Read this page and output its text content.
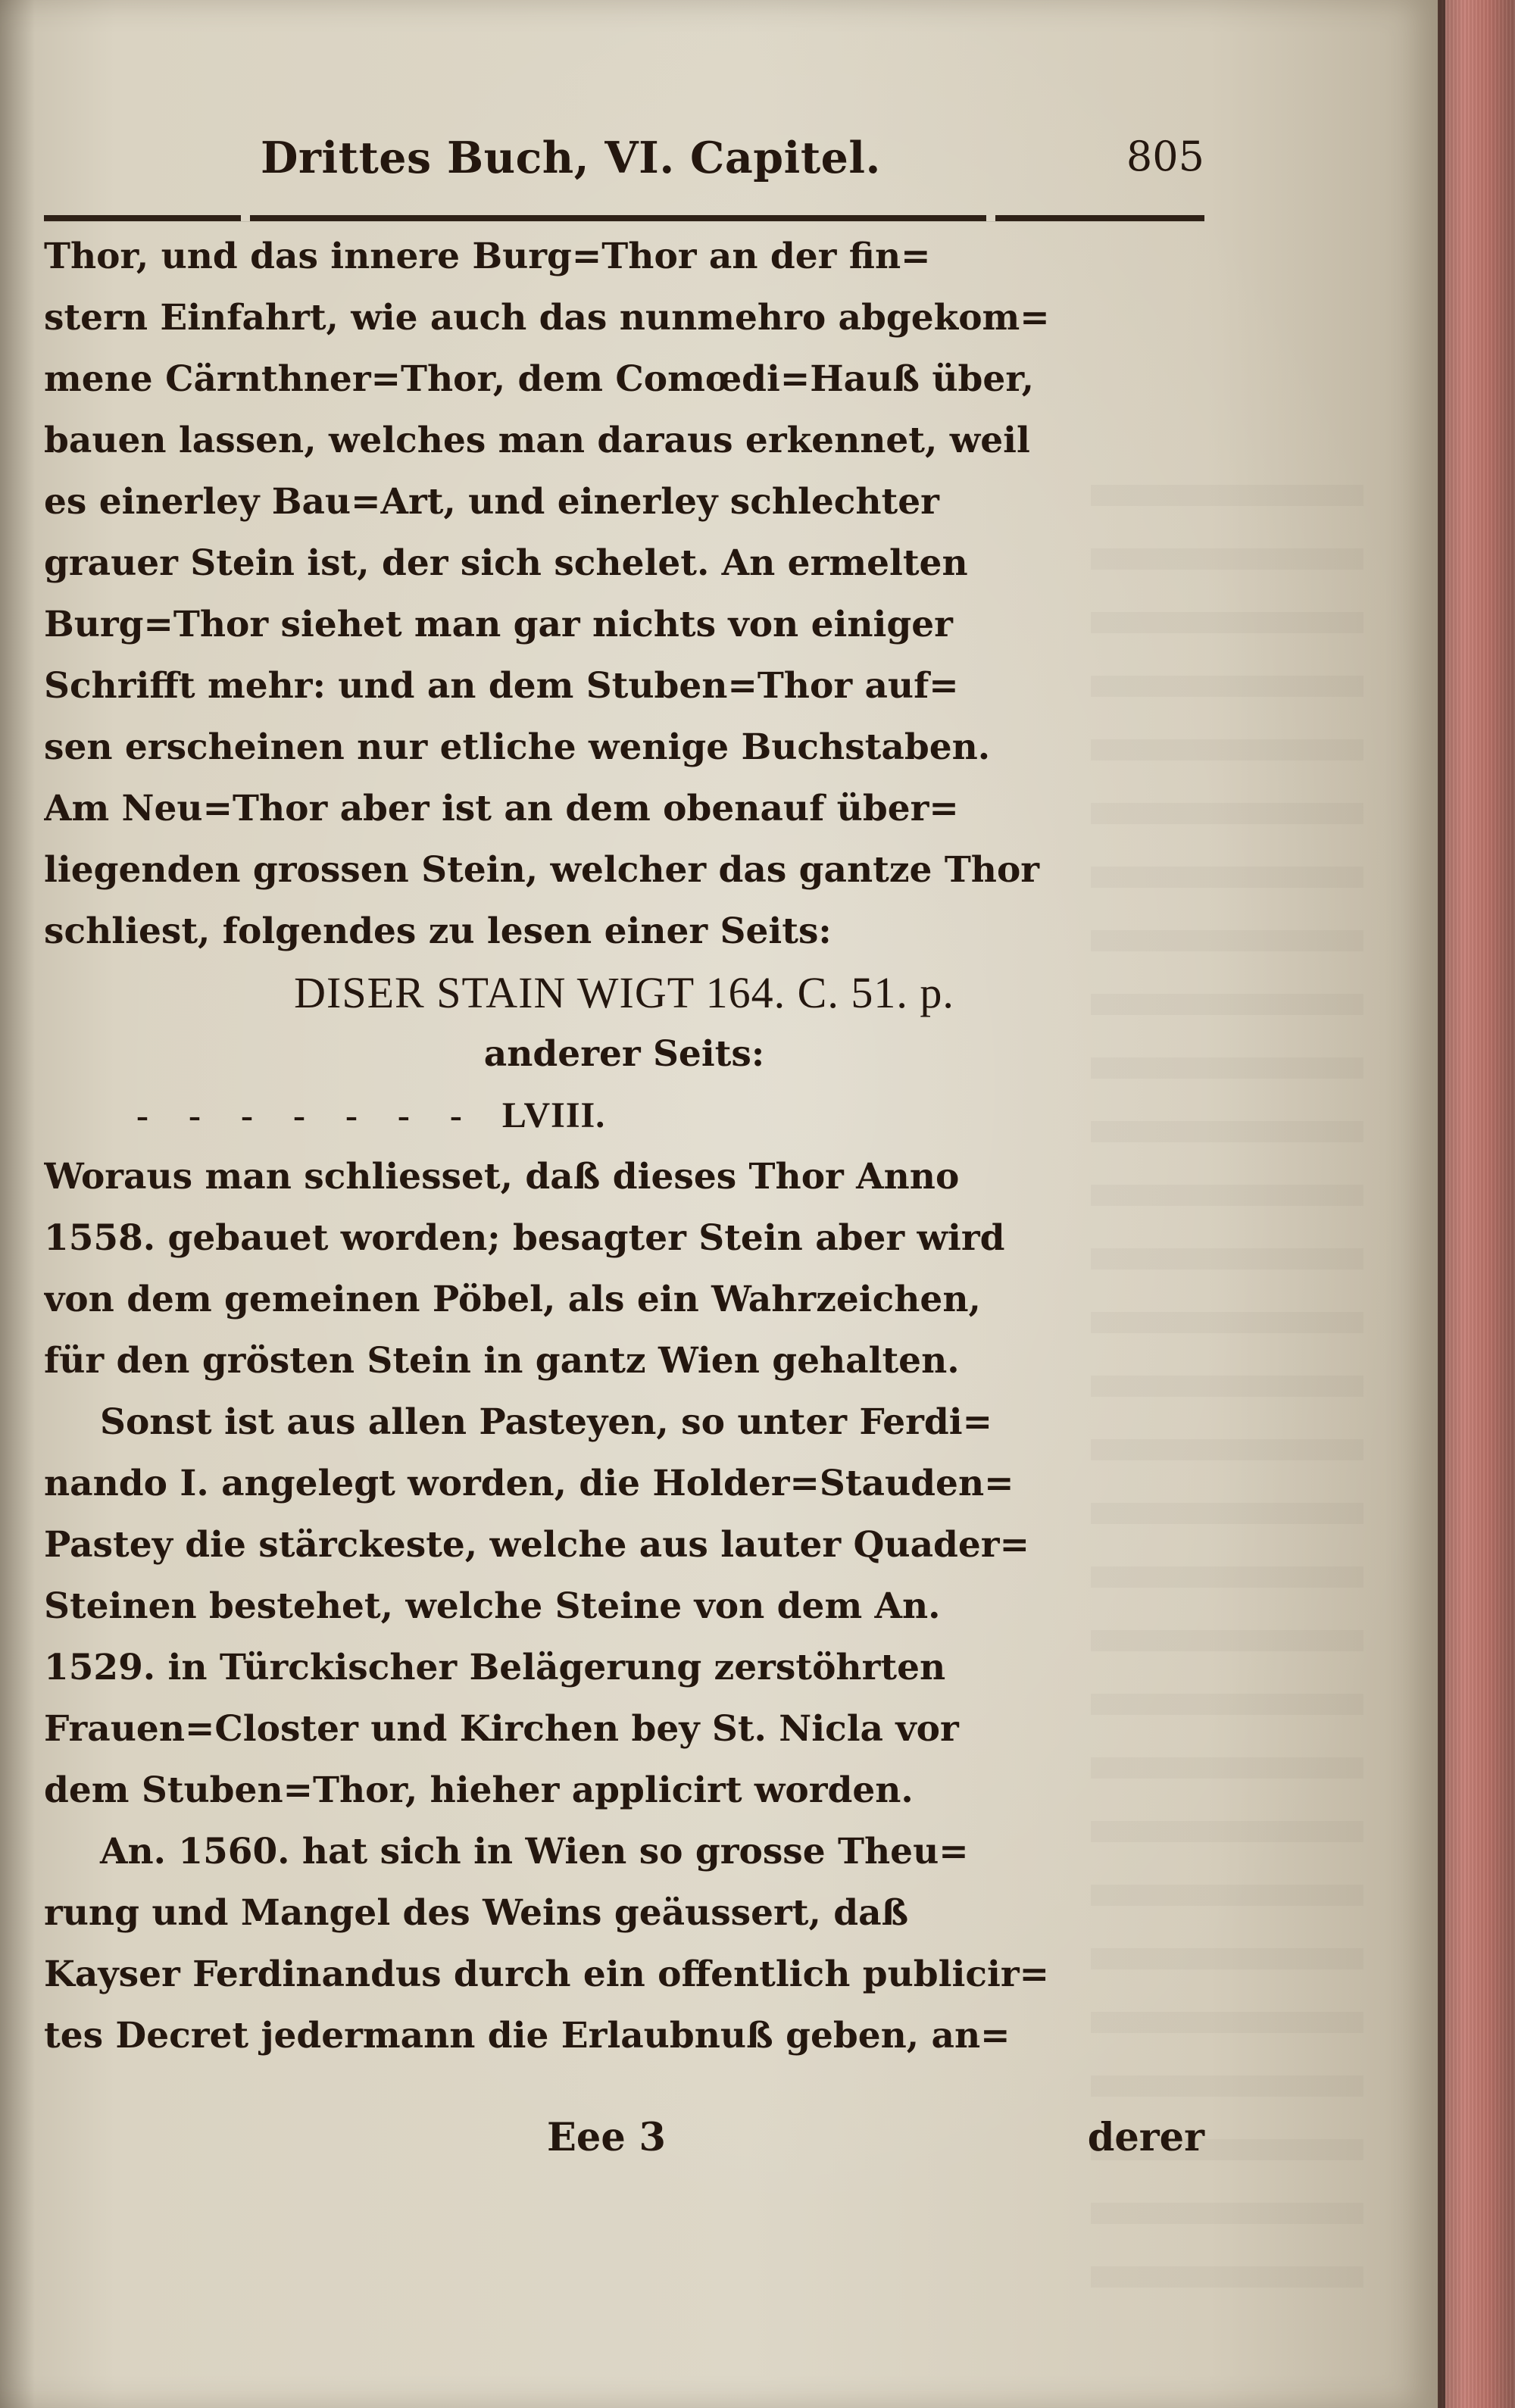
Drittes Buch, VI. Capitel.	805
Thor, und das innere Burg=Thor an der fin=
stern Einfahrt, wie auch das nunmehro abgekom=
mene Cärnthner=Thor, dem Comœdi=Hauß über,
bauen lassen, welches man daraus erkennet, weil
es einerley Bau=Art, und einerley schlechter
grauer Stein ist, der sich schelet. An ermelten
Burg=Thor siehet man gar nichts von einiger
Schrifft mehr: und an dem Stuben=Thor auf=
sen erscheinen nur etliche wenige Buchstaben.
Am Neu=Thor aber ist an dem obenauf über=
liegenden grossen Stein, welcher das gantze Thor
schliest, folgendes zu lesen einer Seits:
DISER STAIN WIGT 164. C. 51. p.
anderer Seits:
-    -    -    -    -    -    -    LVIII.
Woraus man schliesset, daß dieses Thor Anno
1558. gebauet worden; besagter Stein aber wird
von dem gemeinen Pöbel, als ein Wahrzeichen,
für den grösten Stein in gantz Wien gehalten.
Sonst ist aus allen Pasteyen, so unter Ferdi=
nando I. angelegt worden, die Holder=Stauden=
Pastey die stärckeste, welche aus lauter Quader=
Steinen bestehet, welche Steine von dem An.
1529. in Türckischer Belägerung zerstöhrten
Frauen=Closter und Kirchen bey St. Nicla vor
dem Stuben=Thor, hieher applicirt worden.
An. 1560. hat sich in Wien so grosse Theu=
rung und Mangel des Weins geäussert, daß
Kayser Ferdinandus durch ein offentlich publicir=
tes Decret jedermann die Erlaubnuß geben, an=
Eee 3	derer
